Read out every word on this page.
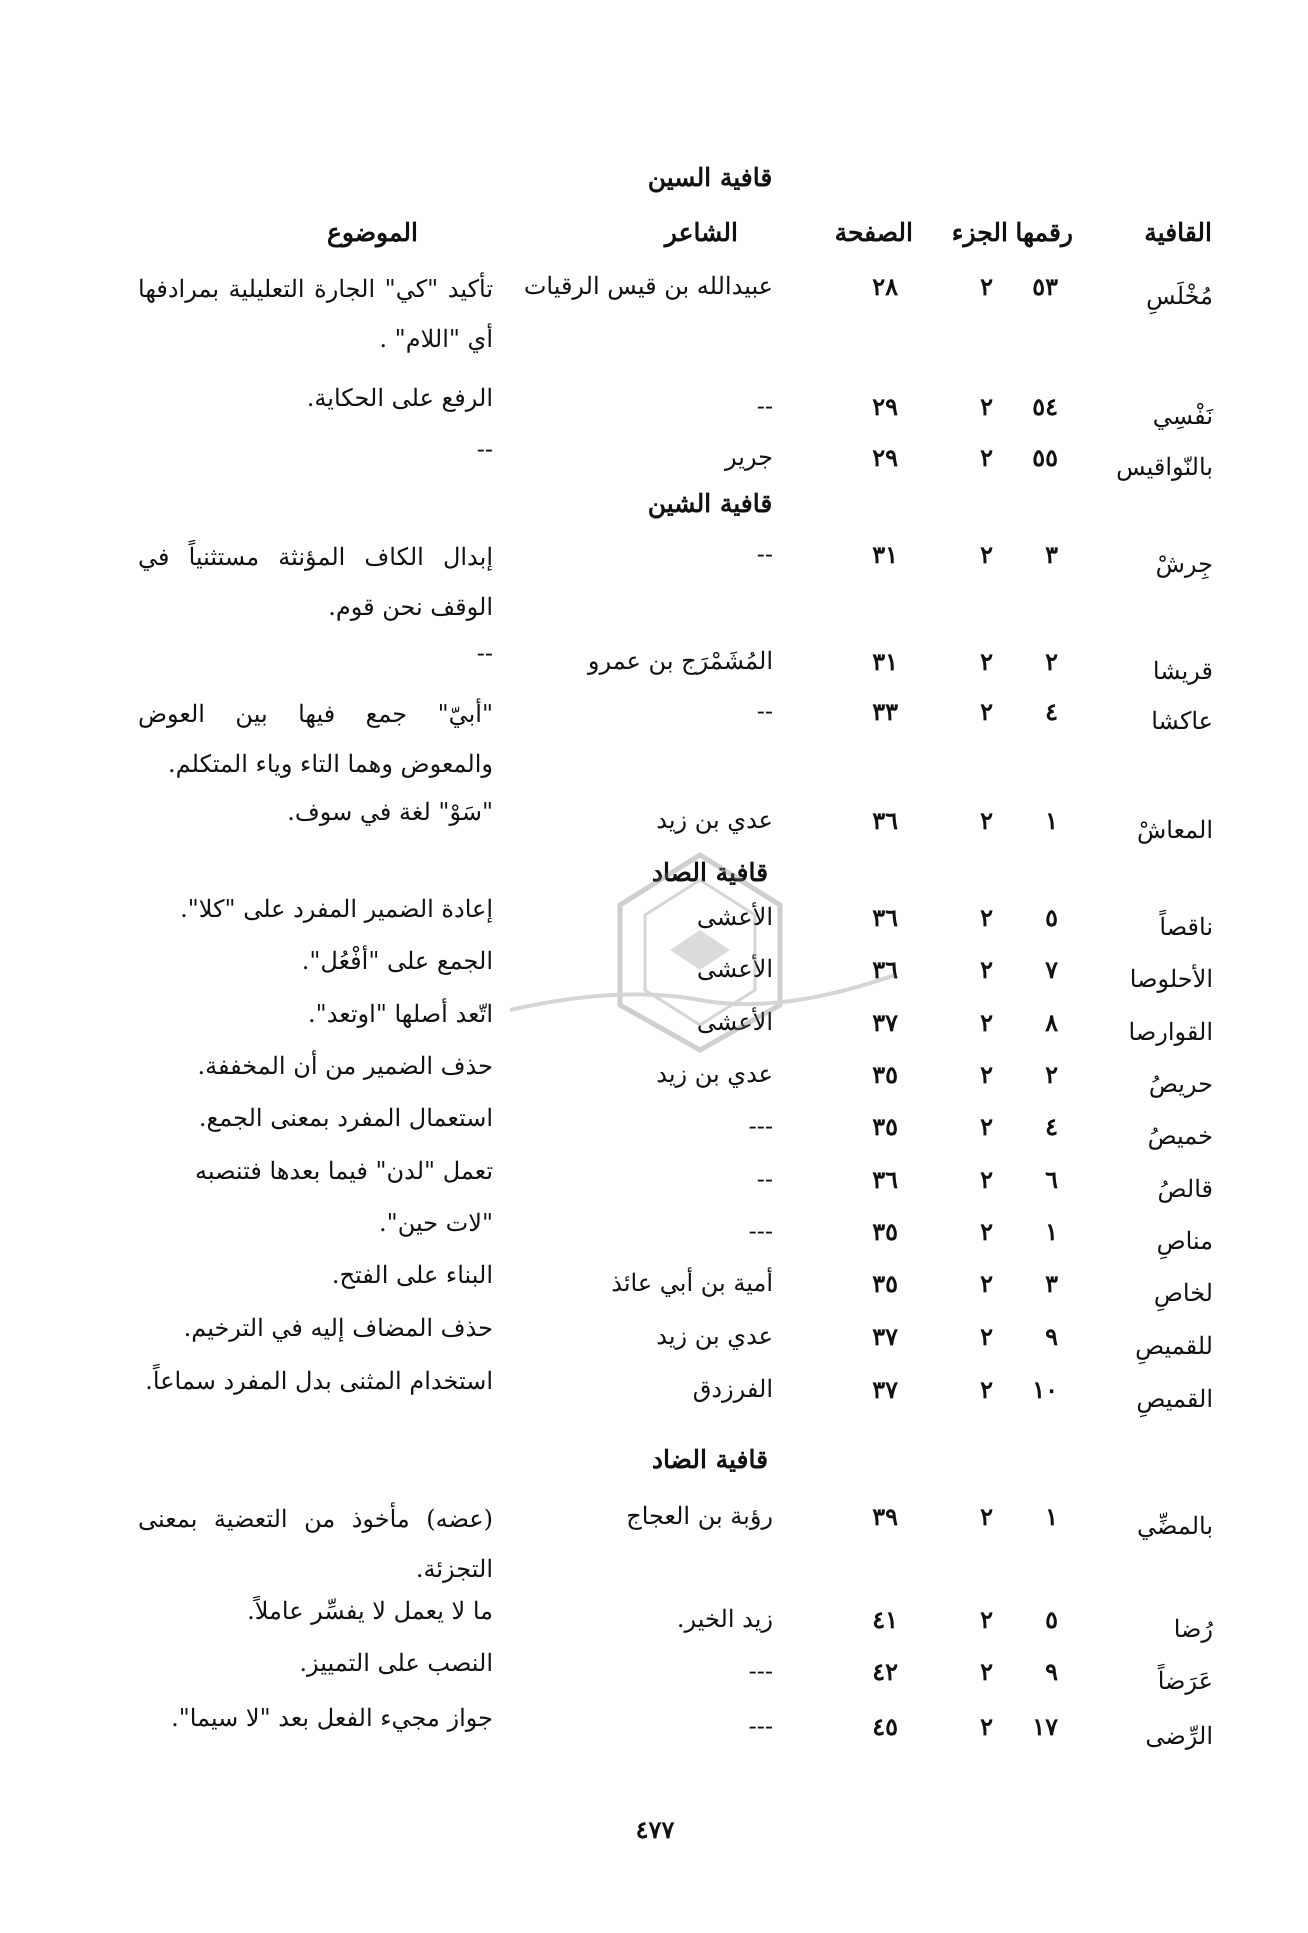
القافية
رقمها
الجزء
الصفحة
الشاعر
الموضوع
قافية السين
قافية الشين
قافية الصاد
قافية الضاد
مُخْلَسِ
٥٣
٢
٢٨
عبيدالله بن قيس الرقيات
تأكيد "كي" الجارة التعليلية بمرادفها أي "اللام" .
نَفْسِي
٥٤
٢
٢٩
--
الرفع على الحكاية.
بالنّواقيس
٥٥
٢
٢٩
جرير
--
جِرشْ
٣
٢
٣١
--
إبدال الكاف المؤنثة مستثنياً في الوقف نحن قوم.
قريشا
٢
٢
٣١
المُشَمْرَج بن عمرو
--
عاكشا
٤
٢
٣٣
--
"أبيّ" جمع فيها بين العوض والمعوض وهما التاء وياء المتكلم.
المعاشْ
١
٢
٣٦
عدي بن زيد
"سَوْ" لغة في سوف.
ناقصاً
٥
٢
٣٦
الأعشى
إعادة الضمير المفرد على "كلا".
الأحلوصا
٧
٢
٣٦
الأعشى
الجمع على "أفْعُل".
القوارصا
٨
٢
٣٧
الأعشى
اتّعد أصلها "اوتعد".
حريصُ
٢
٢
٣٥
عدي بن زيد
حذف الضمير من أن المخففة.
خميصُ
٤
٢
٣٥
---
استعمال المفرد بمعنى الجمع.
قالصُ
٦
٢
٣٦
--
تعمل "لدن" فيما بعدها فتنصبه
مناصِ
١
٢
٣٥
---
"لات حين".
لخاصِ
٣
٢
٣٥
أمية بن أبي عائذ
البناء على الفتح.
للقميصِ
٩
٢
٣٧
عدي بن زيد
حذف المضاف إليه في الترخيم.
القميصِ
١٠
٢
٣٧
الفرزدق
استخدام المثنى بدل المفرد سماعاً.
بالمضِّي
١
٢
٣٩
رؤبة بن العجاج
(عضه) مأخوذ من التعضية بمعنى التجزئة.
رُضا
٥
٢
٤١
زيد الخير.
ما لا يعمل لا يفسِّر عاملاً.
عَرَضاً
٩
٢
٤٢
---
النصب على التمييز.
الرِّضى
١٧
٢
٤٥
---
جواز مجيء الفعل بعد "لا سيما".
٤٧٧
